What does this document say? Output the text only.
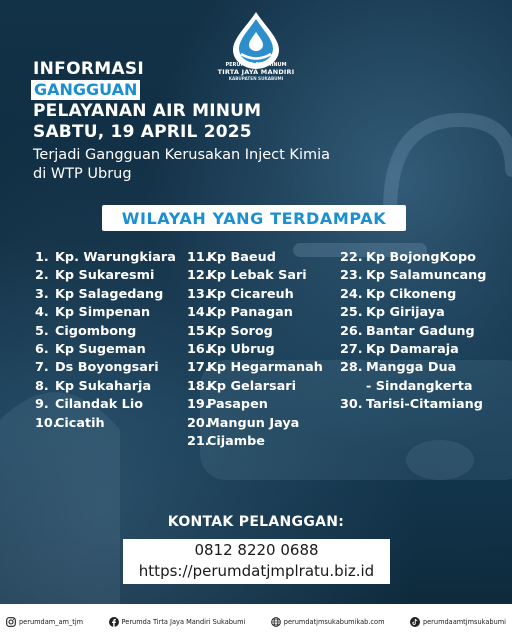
PERUMDA AIR MINUM
TIRTA JAYA MANDIRI
KABUPATEN SUKABUMI
INFORMASI
GANGGUAN
PELAYANAN AIR MINUM
SABTU, 19 APRIL 2025
Terjadi Gangguan Kerusakan Inject Kimia
di WTP Ubrug
WILAYAH YANG TERDAMPAK
1. Kp. Warungkiara
2. Kp Sukaresmi
3. Kp Salagedang
4. Kp Simpenan
5. Cigombong
6. Kp Sugeman
7. Ds Boyongsari
8. Kp Sukaharja
9. Cilandak Lio
10.Cicatih
11.Kp Baeud
12.Kp Lebak Sari
13.Kp Cicareuh
14.Kp Panagan
15.Kp Sorog
16.Kp Ubrug
17.Kp Hegarmanah
18.Kp Gelarsari
19.Pasapen
20.Mangun Jaya
21.Cijambe
22. Kp BojongKopo
23. Kp Salamuncang
24. Kp Cikoneng
25. Kp Girijaya
26. Bantar Gadung
27. Kp Damaraja
28. Mangga Dua
- Sindangkerta
30. Tarisi-Citamiang
KONTAK PELANGGAN:
0812 8220 0688
https://perumdatjmplratu.biz.id
perumdam_am_tjm	Perumda Tirta Jaya Mandiri Sukabumi	perumdatjmsukabumikab.com	perumdaamtjmsukabumi
